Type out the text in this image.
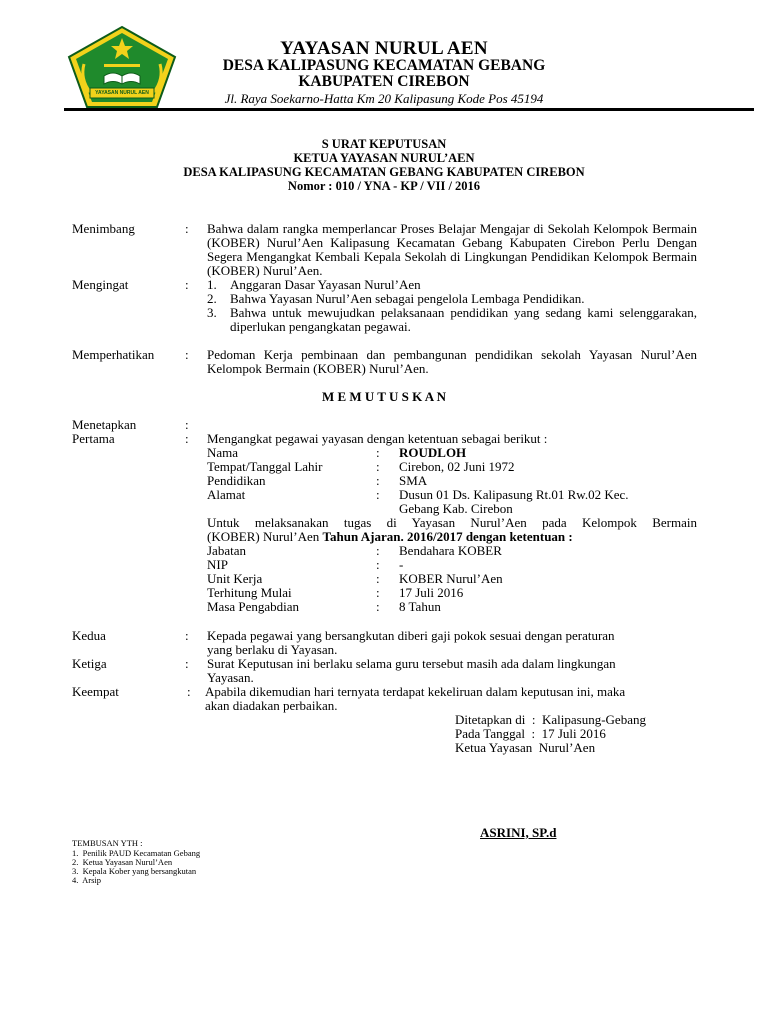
YAYASAN NURUL AEN
YAYASAN NURUL AEN
DESA KALIPASUNG KECAMATAN GEBANG
KABUPATEN CIREBON
Jl. Raya Soekarno-Hatta Km 20 Kalipasung Kode Pos 45194
S URAT KEPUTUSAN
KETUA YAYASAN NURUL’AEN
DESA KALIPASUNG KECAMATAN GEBANG KABUPATEN CIREBON
Nomor : 010 / YNA - KP / VII / 2016
Menimbang	: Bahwa dalam rangka memperlancar Proses Belajar Mengajar di Sekolah Kelompok Bermain (KOBER) Nurul’Aen Kalipasung Kecamatan Gebang Kabupaten Cirebon Perlu Dengan Segera Mengangkat Kembali Kepala Sekolah di Lingkungan Pendidikan Kelompok Bermain (KOBER) Nurul’Aen.
Mengingat	: 1. Anggaran Dasar Yayasan Nurul’Aen
2. Bahwa Yayasan Nurul’Aen sebagai pengelola Lembaga Pendidikan.
3. Bahwa untuk mewujudkan pelaksanaan pendidikan yang sedang kami selenggarakan, diperlukan pengangkatan pegawai.
Memperhatikan : Pedoman Kerja pembinaan dan pembangunan pendidikan sekolah Yayasan Nurul’Aen Kelompok Bermain (KOBER) Nurul’Aen.
M E M U T U S K A N
Menetapkan	:
Pertama	: Mengangkat pegawai yayasan dengan ketentuan sebagai berikut :
Nama	: ROUDLOH
Tempat/Tanggal Lahir	: Cirebon, 02 Juni 1972
Pendidikan	: SMA
Alamat	: Dusun 01 Ds. Kalipasung Rt.01 Rw.02 Kec.
Gebang Kab. Cirebon
Untuk melaksanakan tugas di Yayasan Nurul’Aen pada Kelompok Bermain
(KOBER) Nurul’Aen Tahun Ajaran. 2016/2017 dengan ketentuan :
Jabatan	: Bendahara KOBER
NIP	: -
Unit Kerja	: KOBER Nurul’Aen
Terhitung Mulai	: 17 Juli 2016
Masa Pengabdian	: 8 Tahun
Kedua	: Kepada pegawai yang bersangkutan diberi gaji pokok sesuai dengan peraturan
yang berlaku di Yayasan.
Ketiga	: Surat Keputusan ini berlaku selama guru tersebut masih ada dalam lingkungan
Yayasan.
Keempat	: Apabila dikemudian hari ternyata terdapat kekeliruan dalam keputusan ini, maka
akan diadakan perbaikan.
Ditetapkan di  :  Kalipasung-Gebang
Pada Tanggal  :  17 Juli 2016
Ketua Yayasan  Nurul’Aen
ASRINI, SP.d
TEMBUSAN YTH :
1.  Penilik PAUD Kecamatan Gebang
2.  Ketua Yayasan Nurul’Aen
3.  Kepala Kober yang bersangkutan
4.  Arsip
